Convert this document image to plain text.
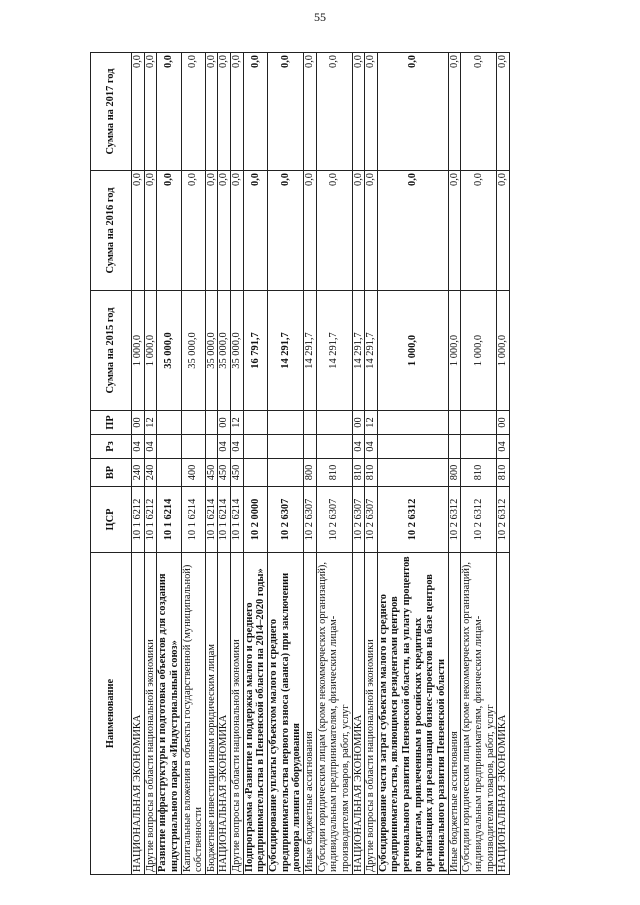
55
Наименование	ЦСР	ВР	Рз	ПР	Сумма на 2015 год	Сумма на 2016 год	Сумма на 2017 год
НАЦИОНАЛЬНАЯ ЭКОНОМИКА	10 1 6212	240	04	00	1 000,0	0,0	0,0
Другие вопросы в области национальной экономики	10 1 6212	240	04	12	1 000,0	0,0	0,0
Развитие инфраструктуры и подготовка объектов для создания индустриального парка «Индустриальный союз»	10 1 6214				35 000,0	0,0	0,0
Капитальные вложения в объекты государственной (муниципальной) собственности	10 1 6214	400			35 000,0	0,0	0,0
Бюджетные инвестиции иным юридическим лицам	10 1 6214	450			35 000,0	0,0	0,0
НАЦИОНАЛЬНАЯ ЭКОНОМИКА	10 1 6214	450	04	00	35 000,0	0,0	0,0
Другие вопросы в области национальной экономики	10 1 6214	450	04	12	35 000,0	0,0	0,0
Подпрограмма «Развитие и поддержка малого и среднего предпринимательства в Пензенской области на 2014–2020 годы»	10 2 0000				16 791,7	0,0	0,0
Субсидирование уплаты субъектом малого и среднего предпринимательства первого взноса (аванса) при заключении договора лизинга оборудования	10 2 6307				14 291,7	0,0	0,0
Иные бюджетные ассигнования	10 2 6307	800			14 291,7	0,0	0,0
Субсидии юридическим лицам (кроме некоммерческих организаций), индивидуальным предпринимателям, физическим лицам-производителям товаров, работ, услуг	10 2 6307	810			14 291,7	0,0	0,0
НАЦИОНАЛЬНАЯ ЭКОНОМИКА	10 2 6307	810	04	00	14 291,7	0,0	0,0
Другие вопросы в области национальной экономики	10 2 6307	810	04	12	14 291,7	0,0	0,0
Субсидирование части затрат субъектам малого и среднего предпринимательства, являющимся резидентами центров регионального развития Пензенской области, на уплату процентов по кредитам, привлеченным в российских кредитных организациях для реализации бизнес-проектов на базе центров регионального развития Пензенской области	10 2 6312				1 000,0	0,0	0,0
Иные бюджетные ассигнования	10 2 6312	800			1 000,0	0,0	0,0
Субсидии юридическим лицам (кроме некоммерческих организаций), индивидуальным предпринимателям, физическим лицам-производителям товаров, работ, услуг	10 2 6312	810			1 000,0	0,0	0,0
НАЦИОНАЛЬНАЯ ЭКОНОМИКА	10 2 6312	810	04	00	1 000,0	0,0	0,0
